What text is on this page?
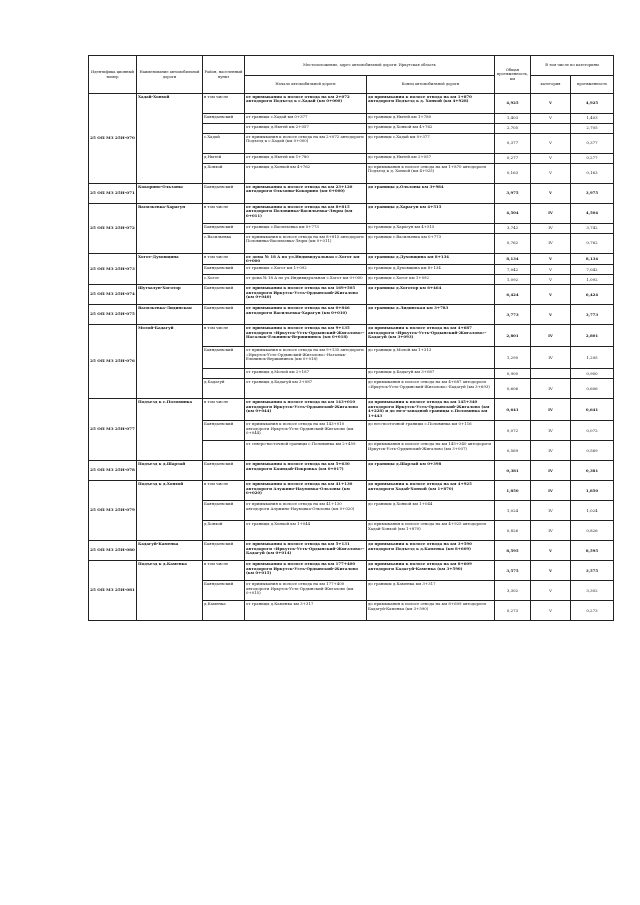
Идентифика ционный номер	Наименование автомобильной дороги	Район, населенный пункт	Местоположение, адрес автомобильной дороги: Иркутская область		Общая протяженность, км	В том числе по категориям	
			Начало автомобильной дороги	Конец автомобильной дороги		категория	протяженность

25 ОП МЗ 25Н-070	Хадай-Хонхой	в том числе	от примыкания к полосе отвода на км 2+072 автодороги Подъезд к с.Хадай (км 0+000)	до примыкания к полосе отвода на км 1+870 автодороги Подъезд к д. Хонхой (км 4+928)	4,925	V	4,925
		Баяндаевский	от границы с.Хадай км 0+377	до границы д.Нытей км 1+780	1,403	V	1,403
			от границы д.Нытей км 2+057	до границы д.Хонхой км 4+762	2,705		2,705
		с.Хадай	от примыкания к полосе отвода на км 2+072 автодороги Подъезд к с.Хадай (км 0+000)	до границы с.Хадай км 0+377	0,377	V	0,377
		д.Нытей	от границы д.Нытей км 1+780	до границы д.Нытей км 2+057	0,277	V	0,277
		д.Хонхой	от границы д.Хонхой км 4+762	до примыкания к полосе отвода на км 1+870 автодороги Подъезд к д. Хонхой (км 4+925)	0,163	V	0,163
25 ОП МЗ 25Н-071	Кокорино-Ользоны	Баяндаевский	от примыкания к полосе отвода на км 23+120 автодороги Ользоны-Кокорино (км 0+000)	до границы д.Ользоны км 3+984	3,975	V	3,975
25 ОП МЗ 25Н-072	Васильевка-Харагун	в том числе	от примыкания к полосе отвода на км 8+815 автодороги Половинка-Васильевка-Люры (км 0+011)	до границы д.Харагун км 4+515	4,504	IV	4,504
		Баяндаевский	от границы с.Васильевка км 0+773	до границы д.Харагун км 4+515	3,742	IV	3,742
		с.Васильевка	от примыкания к полосе отвода на км 8+815 автодороги Половинка-Васильевка-Люры (км 0+011)	до границы с.Васильевка км 0+773	0,762	IV	0,762
25 ОП МЗ 25Н-073	Хогот-Духовщина	в том числе	от дома № 18 А по ул.Индивидуальная с.Хогот км 0+000	до границы д.Духовщина км 8+134	8,134	V	8,134
		Баяндаевский	от границы с.Хогот км 1+092	до границы д.Духовщина км 8+134	7,042	V	7,042
		с.Хогот	от дома № 18 А по ул.Индивидуальная с.Хогот км 0+000	до границы с.Хогот км 1+092	1,092	V	1,092
25 ОП МЗ 25Н-074	Шутхалун-Хоготор	Баяндаевский	от примыкания к полосе отвода на км 169+505 автодороги Иркутск-Усть-Ордынский-Жигалово (км 0+040)	до границы д.Хоготор км 6+464	6,424	V	6,424
25 ОП МЗ 25Н-075	Васильевка-Лидинская	Баяндаевский	от примыкания к полосе отвода на км 0+846 автодороги Васильевка-Харагун (км 0+010)	до границы д.Лидинская км 3+783	3,773	V	3,773
25 ОП МЗ 25Н-076	Молой-Бадагуй	в том числе	от примыкания к полосе отвода на км 9+135 автодороги «Иркутск-Усть-Ордынский-Жигалово»-Нагалык-Ельнинск-Вершининск (км 0+018)	до примыкания к полосе отвода на км 4+687 автодороги «Иркутск-Усть-Ордынский-Жигалово»-Бадагуй (км 3+093)	2,801	IV	2,801
		Баяндаевский	от примыкания к полосе отвода на км 9+135 автодороги «Иркутск-Усть-Ордынский-Жигалово»-Нагалык-Ельнинск-Вершининск (км 0+018)	до границы д.Молой км 1+313	1,295	IV	1,295
			от границы д.Молой км 2+187	до границы д.Бадагуй км 3+087	0,900		0,900
		д.Бадагуй	от границы д.Бадагуй км 3+087	до примыкания к полосе отвода на км 4+687 автодороги «Иркутск-Усть-Ордынский-Жигалово»-Бадагуй (км 3+693)	0,606	IV	0,606
25 ОП МЗ 25Н-077	Подъезд к с.Половинка	в том числе	от примыкания к полосе отвода на км 143+010 автодороги Иркутск-Усть-Ордынский-Жигалово (км 0+044)	до примыкания к полосе отвода на км 145+340 автодороги Иркутск-Усть-Ордынский-Жигалово (км 4+228) и до юго-западной границы с.Половинка км 1+443	0,641	IV	0,641
		Баяндаевский	от примыкания к полосе отвода на км 143+010 автодороги Иркутск-Усть-Ордынский-Жигалово (км 0+044)	до юго-восточной границы с.Половинка км 0+116	0,072	IV	0,072
			от северо-восточной границы с.Половинка км 2+459	до примыкания к полосе отвода на км 145+340 автодороги Иркутск-Усть-Ордынский-Жигалово (км 3+007)	0,569	IV	0,569
25 ОП МЗ 25Н-078	Подъезд к д.Шарлай	Баяндаевский	от примыкания к полосе отвода на км 5+630 автодороги Баяндай-Покровка (км 0+017)	до границы д.Шарлай км 0+398	0,381	IV	0,381
25 ОП МЗ 25Н-079	Подъезд к д.Хонхой	в том числе	от примыкания к полосе отвода на км 41+130 автодороги Алужино-Наумовка-Ользоны (км 0+020)	до примыкания к полосе отвода на км 4+925 автодороги Хадай-Хонхой (км 1+870)	1,850	IV	1,850
		Баяндаевский	от примыкания к полосе отвода на км 41+130 автодороги Алужино-Наумовка-Ользоны (км 0+020)	до границы д.Хонхой км 1+044	1,024	IV	1,024
		д.Хонхой	от границы д.Хонхой км 1+044	до примыкания к полосе отвода на км 4+925 автодороги Хадай-Хонхой (км 1+870)	0,826	IV	0,826
25 ОП МЗ 25Н-080	Бадагуй-Каменка	Баяндаевский	от примыкания к полосе отвода на км 5+131 автодороги «Иркутск-Усть-Ордынский-Жигалово»-Бадагуй (км 0+014)	до примыкания к полосе отвода на км 3+590 автодороги Подъезд к д.Каменка (км 8+609)	8,595	V	8,595
25 ОП МЗ 25Н-081	Подъезд к д.Каменка	в том числе	от примыкания к полосе отвода на км 177+400 автодороги Иркутск-Усть-Ордынский-Жигалово (км 0+015)	до примыкания к полосе отвода на км 8+609 автодороги Бадагуй-Каменка (км 3+590)	3,575	V	3,575
		Баяндаевский	от примыкания к полосе отвода на км 177+400 автодороги Иркутск-Усть-Ордынский-Жигалово (км 0+015)	до границы д.Каменка км 3+317	3,302	V	3,302
		д.Каменка	от границы д.Каменка км 3+317	до примыкания к полосе отвода на км 8+609 автодороги Бадагуй-Каменка (км 3+590)	0,273	V	0,273
